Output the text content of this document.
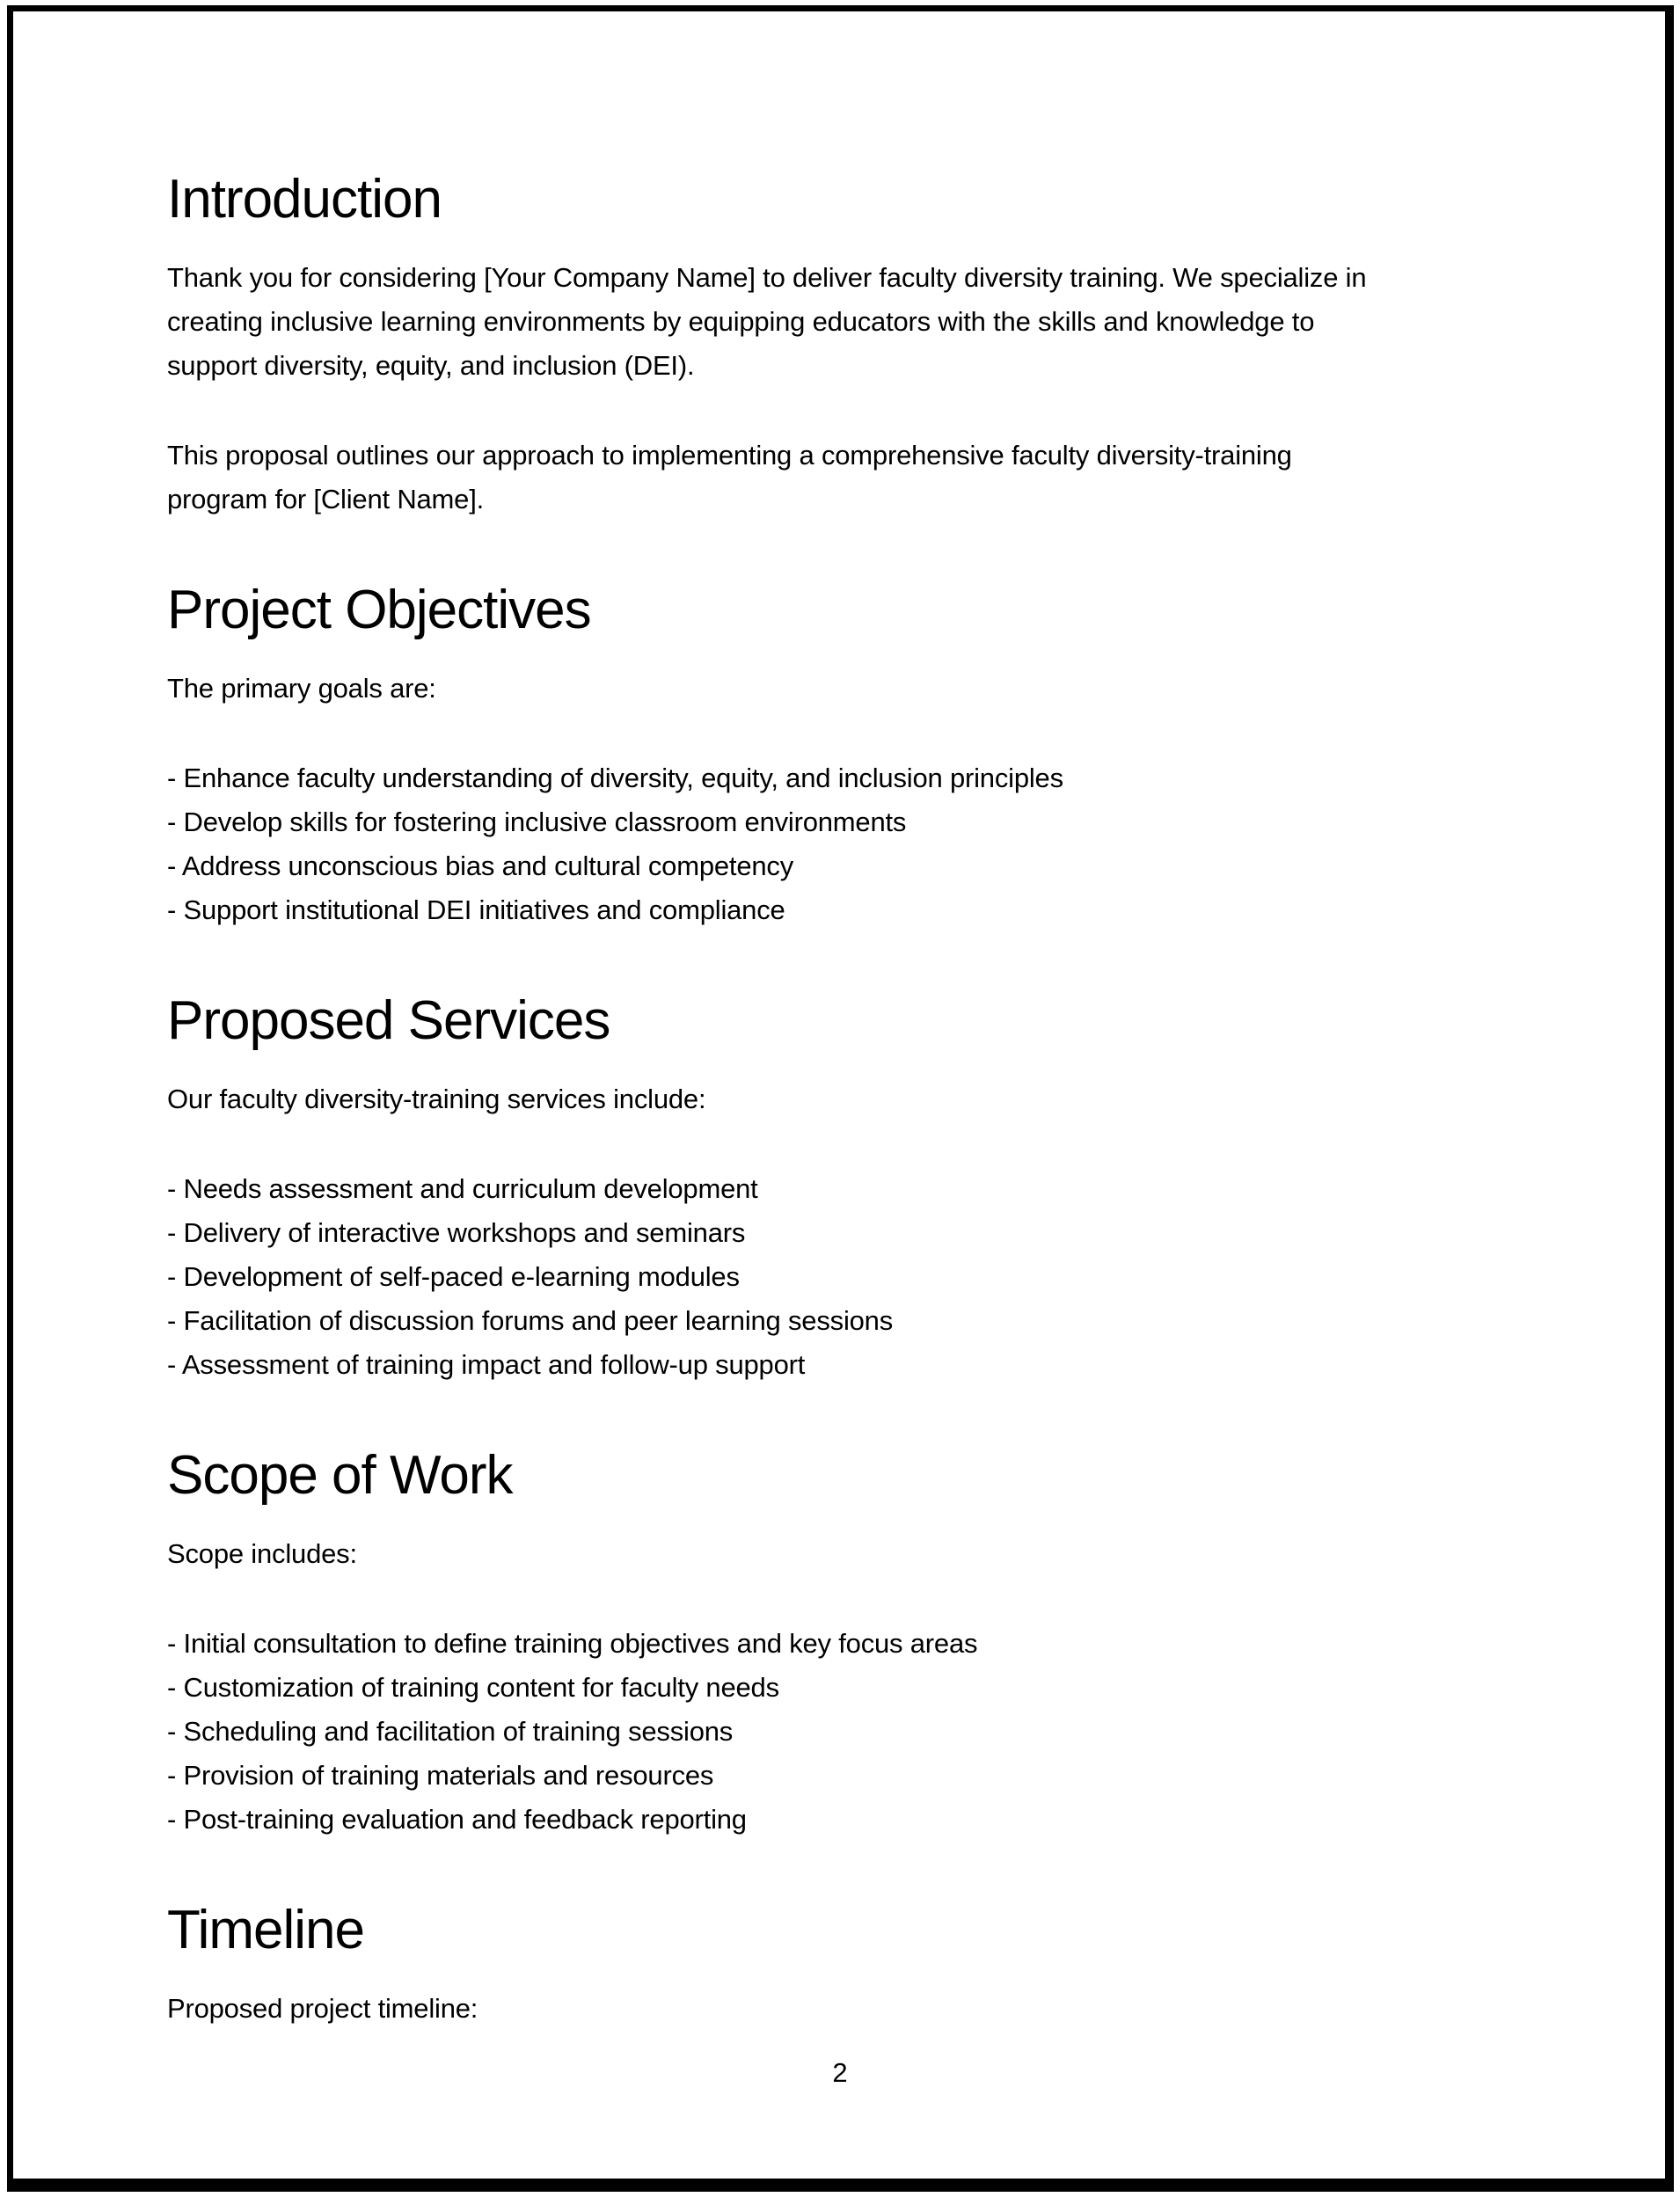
Introduction
Thank you for considering [Your Company Name] to deliver faculty diversity training. We specialize in
creating inclusive learning environments by equipping educators with the skills and knowledge to
support diversity, equity, and inclusion (DEI).
This proposal outlines our approach to implementing a comprehensive faculty diversity-training
program for [Client Name].
Project Objectives
The primary goals are:
- Enhance faculty understanding of diversity, equity, and inclusion principles
- Develop skills for fostering inclusive classroom environments
- Address unconscious bias and cultural competency
- Support institutional DEI initiatives and compliance
Proposed Services
Our faculty diversity-training services include:
- Needs assessment and curriculum development
- Delivery of interactive workshops and seminars
- Development of self-paced e-learning modules
- Facilitation of discussion forums and peer learning sessions
- Assessment of training impact and follow-up support
Scope of Work
Scope includes:
- Initial consultation to define training objectives and key focus areas
- Customization of training content for faculty needs
- Scheduling and facilitation of training sessions
- Provision of training materials and resources
- Post-training evaluation and feedback reporting
Timeline
Proposed project timeline:
2
